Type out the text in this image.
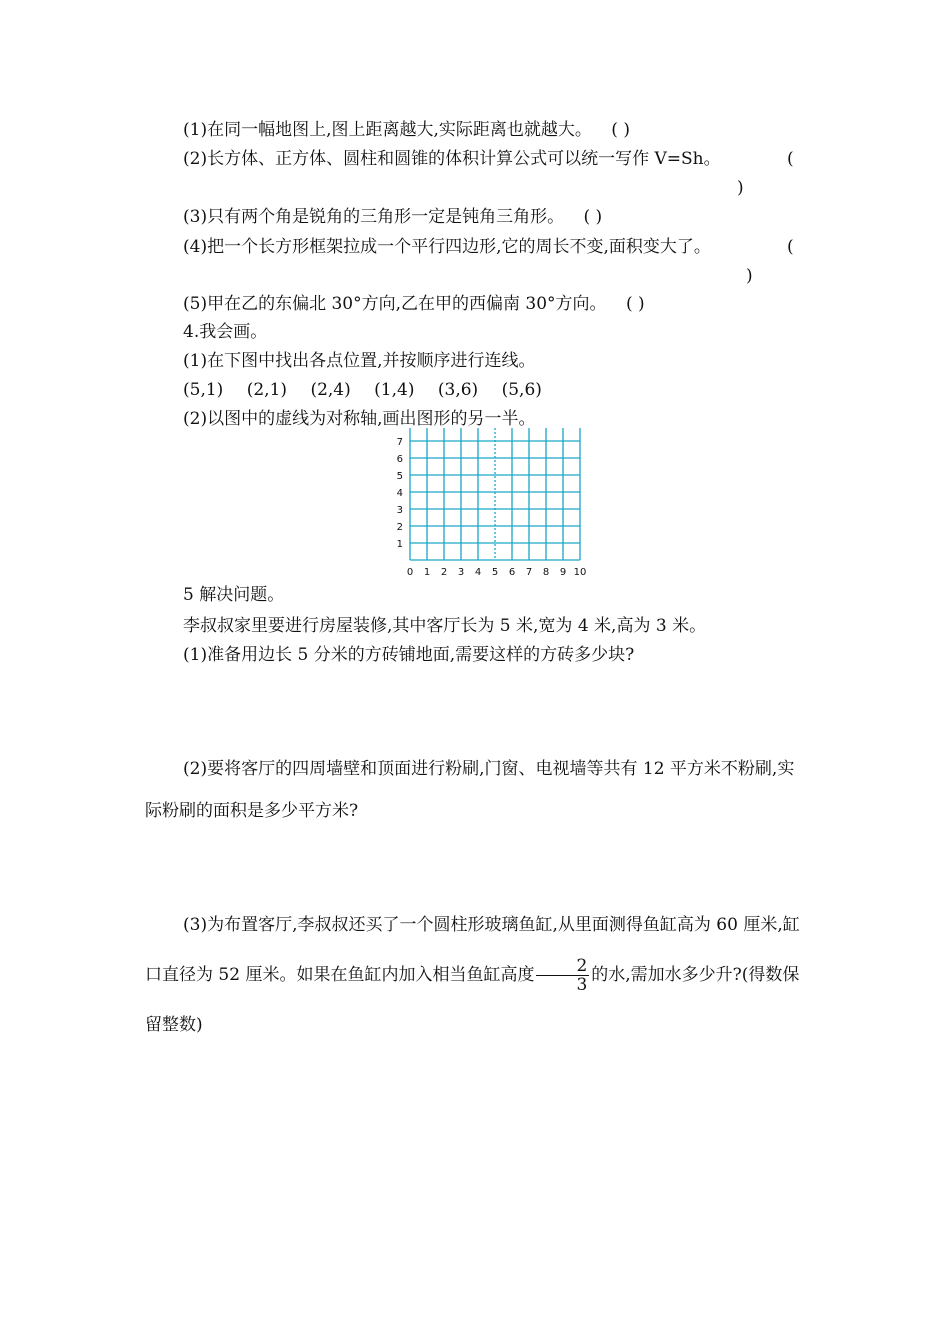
(1)在同一幅地图上,图上距离越大,实际距离也就越大。 ( )
(2)长方体、正方体、圆柱和圆锥的体积计算公式可以统一写作 V=Sh。	(
)
(3)只有两个角是锐角的三角形一定是钝角三角形。 ( )
(4)把一个长方形框架拉成一个平行四边形,它的周长不变,面积变大了。	(
)
(5)甲在乙的东偏北 30°方向,乙在甲的西偏南 30°方向。 ( )
4.我会画。
(1)在下图中找出各点位置,并按顺序进行连线。
(5,1) (2,1) (2,4) (1,4) (3,6) (5,6)
(2)以图中的虚线为对称轴,画出图形的另一半。
0 1 2 3 4 5 6 7 8 9 10
1
2
3
4
5
6
7
5 解决问题。
李叔叔家里要进行房屋装修,其中客厅长为 5 米,宽为 4 米,高为 3 米。
(1)准备用边长 5 分米的方砖铺地面,需要这样的方砖多少块?
(2)要将客厅的四周墙壁和顶面进行粉刷,门窗、电视墙等共有 12 平方米不粉刷,实际粉刷的面积是多少平方米?
(3)为布置客厅,李叔叔还买了一个圆柱形玻璃鱼缸,从里面测得鱼缸高为 60 厘米,缸口直径为 52 厘米。如果在鱼缸内加入相当鱼缸高度 $\frac{2}{3}$ 的水,需加水多少升?(得数保留整数)
